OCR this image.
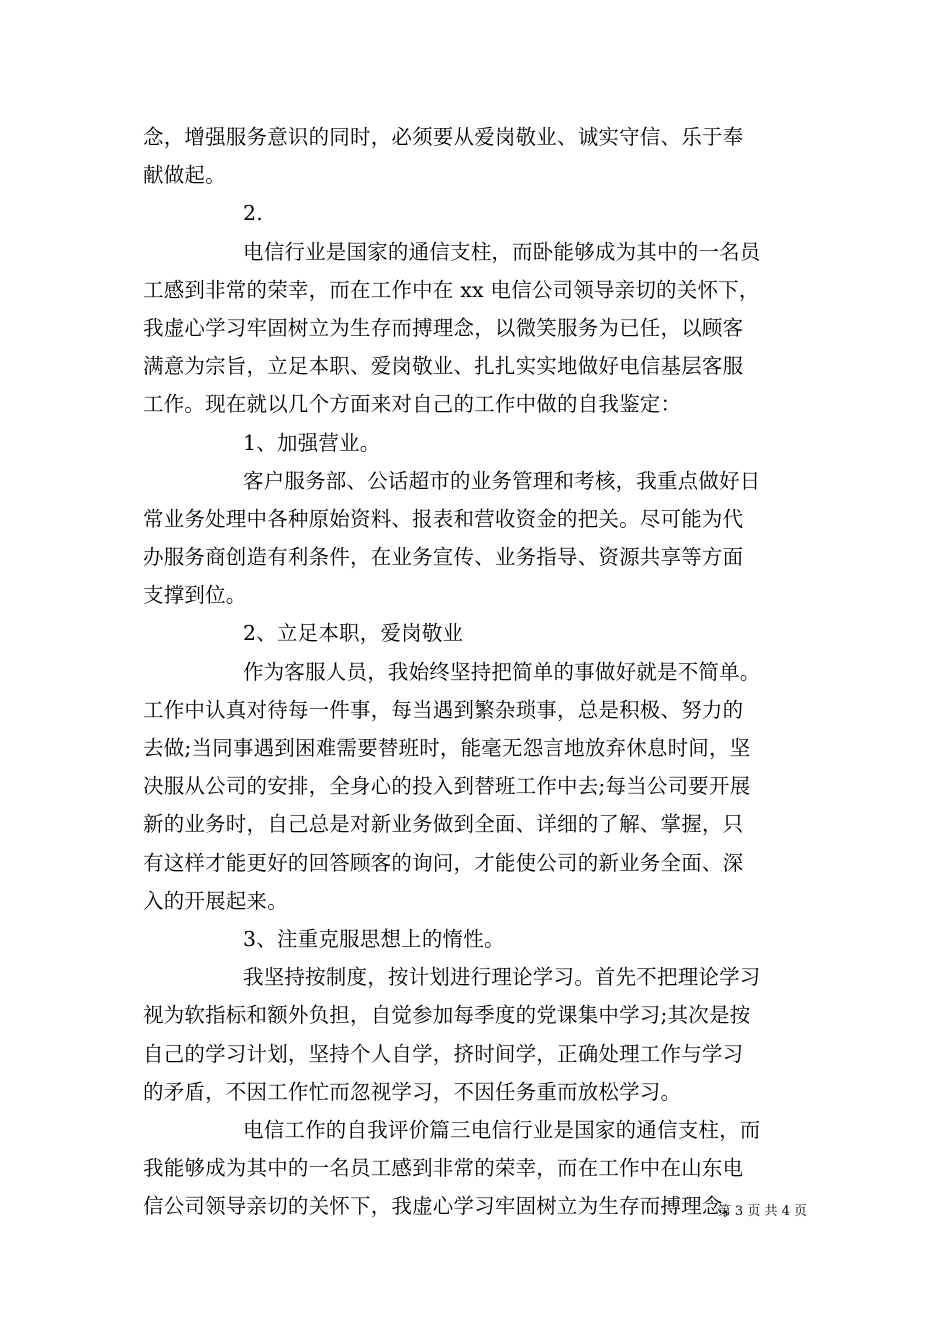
念，增强服务意识的同时，必须要从爱岗敬业、诚实守信、乐于奉
献做起。
2.
电信行业是国家的通信支柱，而卧能够成为其中的一名员
工感到非常的荣幸，而在工作中在 xx 电信公司领导亲切的关怀下，
我虚心学习牢固树立为生存而搏理念，以微笑服务为已任，以顾客
满意为宗旨，立足本职、爱岗敬业、扎扎实实地做好电信基层客服
工作。现在就以几个方面来对自己的工作中做的自我鉴定：
1、加强营业。
客户服务部、公话超市的业务管理和考核，我重点做好日
常业务处理中各种原始资料、报表和营收资金的把关。尽可能为代
办服务商创造有利条件，在业务宣传、业务指导、资源共享等方面
支撑到位。
2、立足本职，爱岗敬业
作为客服人员，我始终坚持把简单的事做好就是不简单。
工作中认真对待每一件事，每当遇到繁杂琐事，总是积极、努力的
去做;当同事遇到困难需要替班时，能毫无怨言地放弃休息时间，坚
决服从公司的安排，全身心的投入到替班工作中去;每当公司要开展
新的业务时，自己总是对新业务做到全面、详细的了解、掌握，只
有这样才能更好的回答顾客的询问，才能使公司的新业务全面、深
入的开展起来。
3、注重克服思想上的惰性。
我坚持按制度，按计划进行理论学习。首先不把理论学习
视为软指标和额外负担，自觉参加每季度的党课集中学习;其次是按
自己的学习计划，坚持个人自学，挤时间学，正确处理工作与学习
的矛盾，不因工作忙而忽视学习，不因任务重而放松学习。
电信工作的自我评价篇三电信行业是国家的通信支柱，而
我能够成为其中的一名员工感到非常的荣幸，而在工作中在山东电
信公司领导亲切的关怀下，我虚心学习牢固树立为生存而搏理念，
第 3 页 共 4 页
